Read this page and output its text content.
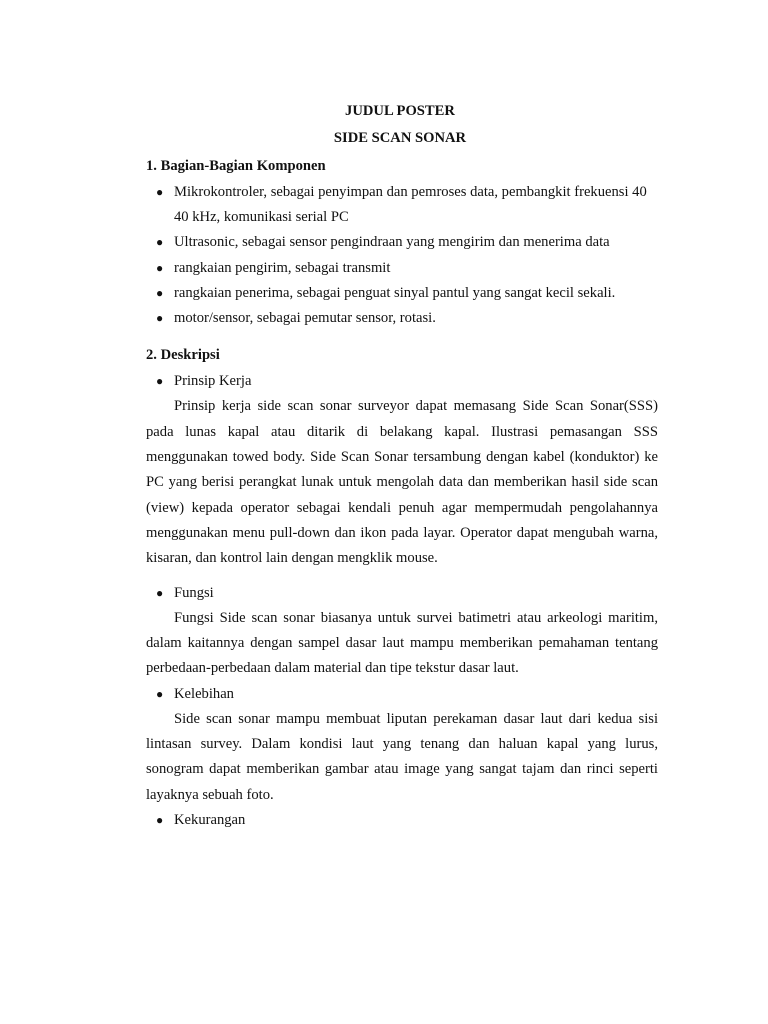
JUDUL POSTER
SIDE SCAN SONAR
1. Bagian-Bagian Komponen
● Mikrokontroler, sebagai penyimpan dan pemroses data, pembangkit frekuensi 40 40 kHz, komunikasi serial PC
● Ultrasonic, sebagai sensor pengindraan yang mengirim dan menerima data
● rangkaian pengirim, sebagai transmit
● rangkaian penerima, sebagai penguat sinyal pantul yang sangat kecil sekali.
● motor/sensor, sebagai pemutar sensor, rotasi.
2. Deskripsi
● Prinsip Kerja

Prinsip kerja side scan sonar surveyor dapat memasang Side Scan Sonar(SSS) pada lunas kapal atau ditarik di belakang kapal. Ilustrasi pemasangan SSS menggunakan towed body. Side Scan Sonar tersambung dengan kabel (konduktor) ke PC yang berisi perangkat lunak untuk mengolah data dan memberikan hasil side scan (view) kepada operator sebagai kendali penuh agar mempermudah pengolahannya menggunakan menu pull-down dan ikon pada layar. Operator dapat mengubah warna, kisaran, dan kontrol lain dengan mengklik mouse.

● Fungsi

Fungsi Side scan sonar biasanya untuk survei batimetri atau arkeologi maritim, dalam kaitannya dengan sampel dasar laut mampu memberikan pemahaman tentang perbedaan-perbedaan dalam material dan tipe tekstur dasar laut.

● Kelebihan

Side scan sonar mampu membuat liputan perekaman dasar laut dari kedua sisi lintasan survey. Dalam kondisi laut yang tenang dan haluan kapal yang lurus, sonogram dapat memberikan gambar atau image yang sangat tajam dan rinci seperti layaknya sebuah foto.

● Kekurangan
